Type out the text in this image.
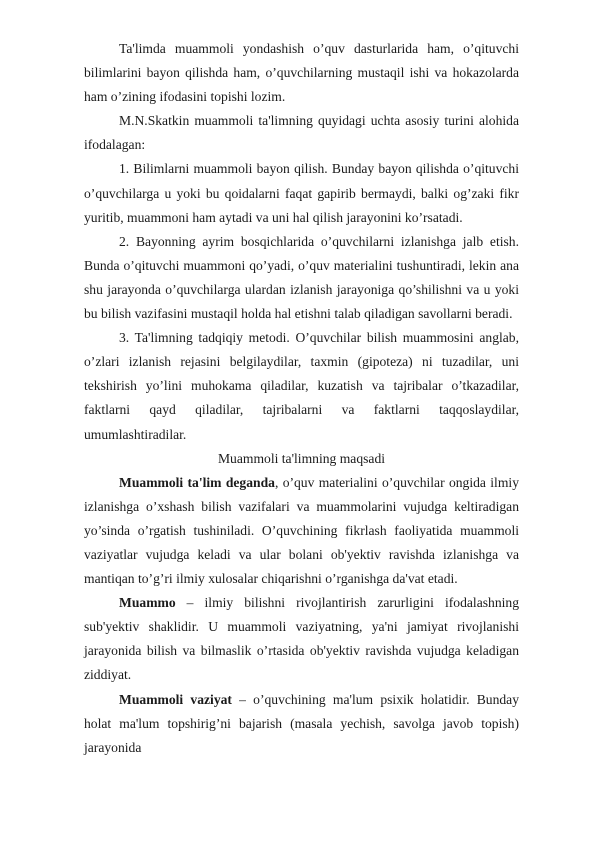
Ta'limda muammoli yondashish o’quv dasturlarida ham, o’qituvchi bilimlarini bayon qilishda ham, o’quvchilarning mustaqil ishi va hokazolarda ham o’zining ifodasini topishi lozim.

M.N.Skatkin muammoli ta'limning quyidagi uchta asosiy turini alohida ifodalagan:

1. Bilimlarni muammoli bayon qilish. Bunday bayon qilishda o’qituvchi o’quvchilarga u yoki bu qoidalarni faqat gapirib bermaydi, balki og’zaki fikr yuritib, muammoni ham aytadi va uni hal qilish jarayonini ko’rsatadi.

2. Bayonning ayrim bosqichlarida o’quvchilarni izlanishga jalb etish. Bunda o’qituvchi muammoni qo’yadi, o’quv materialini tushuntiradi, lekin ana shu jarayonda o’quvchilarga ulardan izlanish jarayoniga qo’shilishni va u yoki bu bilish vazifasini mustaqil holda hal etishni talab qiladigan savollarni beradi.

3. Ta'limning tadqiqiy metodi. O’quvchilar bilish muammosini anglab, o’zlari izlanish rejasini belgilaydilar, taxmin (gipoteza) ni tuzadilar, uni tekshirish yo’lini muhokama qiladilar, kuzatish va tajribalar o’tkazadilar, faktlarni qayd qiladilar, tajribalarni va faktlarni taqqoslaydilar, umumlashtiradilar.

Muammoli ta'limning maqsadi

Muammoli ta'lim deganda, o’quv materialini o’quvchilar ongida ilmiy izlanishga o’xshash bilish vazifalari va muammolarini vujudga keltiradigan yo’sinda o’rgatish tushiniladi. O’quvchining fikrlash faoliyatida muammoli vaziyatlar vujudga keladi va ular bolani ob'yektiv ravishda izlanishga va mantiqan to’g’ri ilmiy xulosalar chiqarishni o’rganishga da'vat etadi.

Muammo – ilmiy bilishni rivojlantirish zarurligini ifodalashning sub'yektiv shaklidir. U muammoli vaziyatning, ya'ni jamiyat rivojlanishi jarayonida bilish va bilmaslik o’rtasida ob'yektiv ravishda vujudga keladigan ziddiyat.

Muammoli vaziyat – o’quvchining ma'lum psixik holatidir. Bunday holat ma'lum topshirig’ni bajarish (masala yechish, savolga javob topish) jarayonida
